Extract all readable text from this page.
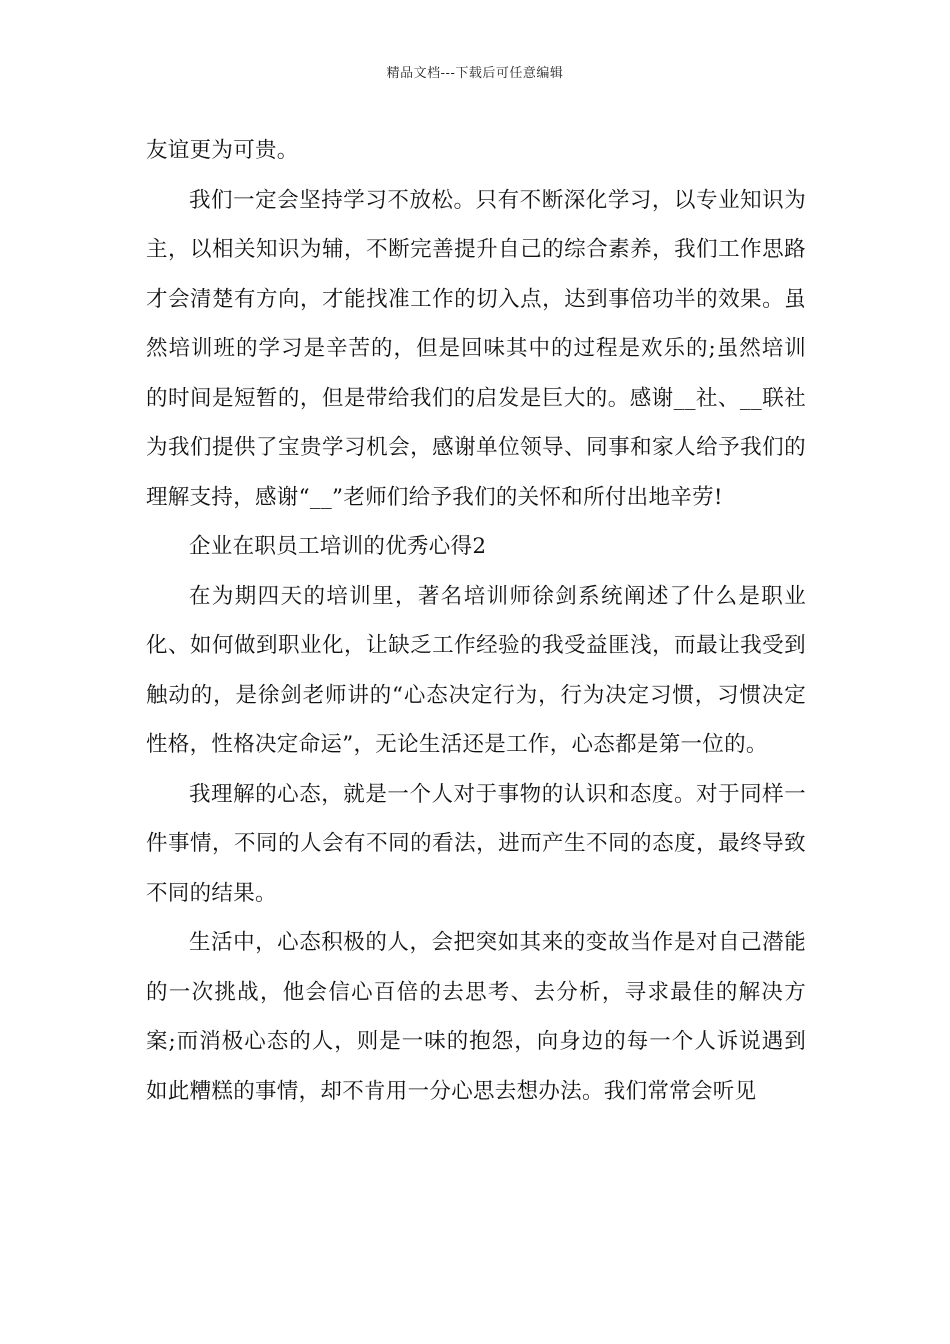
精品文档---下载后可任意编辑

友谊更为可贵。

我们一定会坚持学习不放松。只有不断深化学习，以专业知识为主，以相关知识为辅，不断完善提升自己的综合素养，我们工作思路才会清楚有方向，才能找准工作的切入点，达到事倍功半的效果。虽然培训班的学习是辛苦的，但是回味其中的过程是欢乐的;虽然培训的时间是短暂的，但是带给我们的启发是巨大的。感谢__社、__联社为我们提供了宝贵学习机会，感谢单位领导、同事和家人给予我们的理解支持，感谢“__”老师们给予我们的关怀和所付出地辛劳!

企业在职员工培训的优秀心得2

在为期四天的培训里，著名培训师徐剑系统阐述了什么是职业化、如何做到职业化，让缺乏工作经验的我受益匪浅，而最让我受到触动的，是徐剑老师讲的“心态决定行为，行为决定习惯，习惯决定性格，性格决定命运”，无论生活还是工作，心态都是第一位的。

我理解的心态，就是一个人对于事物的认识和态度。对于同样一件事情，不同的人会有不同的看法，进而产生不同的态度，最终导致不同的结果。

生活中，心态积极的人，会把突如其来的变故当作是对自己潜能的一次挑战，他会信心百倍的去思考、去分析，寻求最佳的解决方案;而消极心态的人，则是一味的抱怨，向身边的每一个人诉说遇到如此糟糕的事情，却不肯用一分心思去想办法。我们常常会听见
